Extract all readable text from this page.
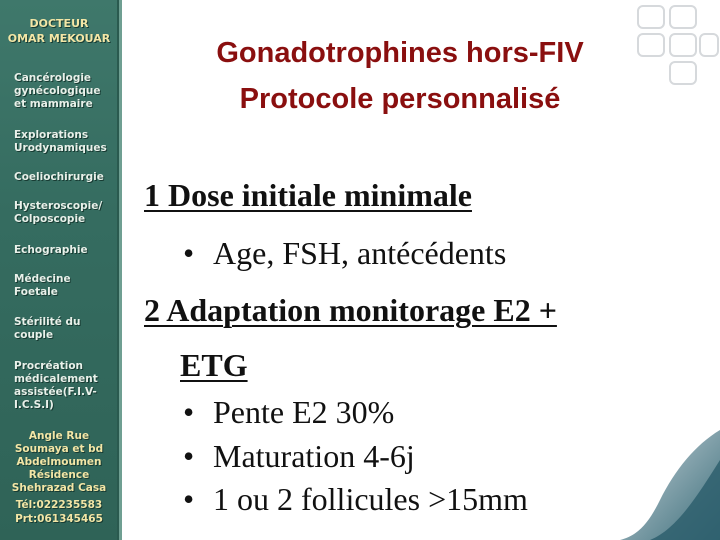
DOCTEUR
OMAR MEKOUAR
Cancérologie
gynécologique
et mammaire
Explorations
Urodynamiques
Coeliochirurgie
Hysteroscopie/
Colposcopie
Echographie
Médecine
Foetale
Stérilité du
couple
Procréation
médicalement
assistée(F.I.V-
I.C.S.I)
Angle Rue
Soumaya et bd
Abdelmoumen
Résidence
Shehrazad Casa
Tél:022235583
Prt:061345465
Gonadotrophines hors-FIV
Protocole personnalisé
1 Dose initiale minimale
• Age, FSH, antécédents
2 Adaptation monitorage E2 +
ETG
• Pente E2 30%
• Maturation 4-6j
• 1 ou 2 follicules >15mm
